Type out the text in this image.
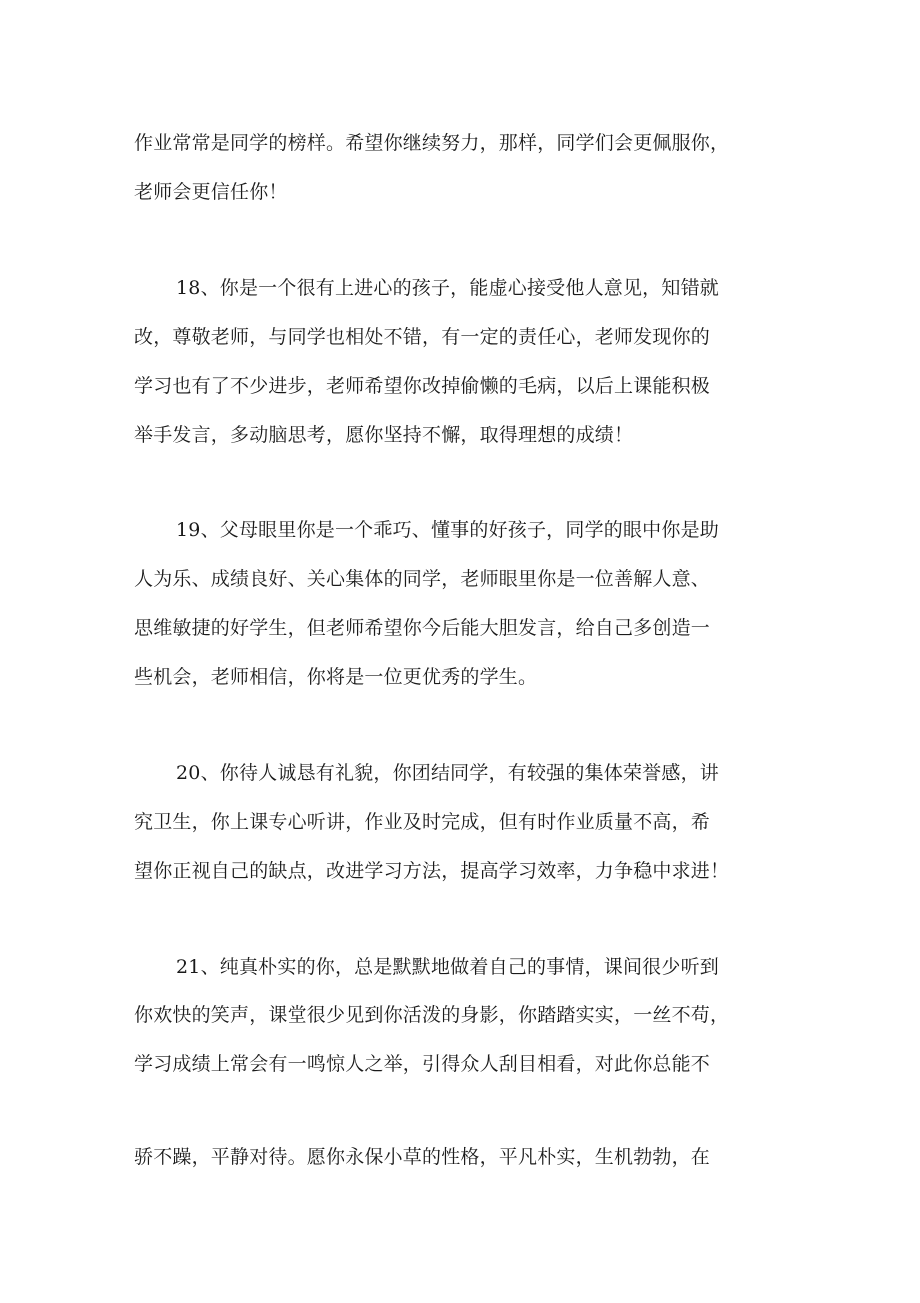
作业常常是同学的榜样。希望你继续努力，那样，同学们会更佩服你，
老师会更信任你！
18、你是一个很有上进心的孩子，能虚心接受他人意见，知错就
改，尊敬老师，与同学也相处不错，有一定的责任心，老师发现你的
学习也有了不少进步，老师希望你改掉偷懒的毛病，以后上课能积极
举手发言，多动脑思考，愿你坚持不懈，取得理想的成绩！
19、父母眼里你是一个乖巧、懂事的好孩子，同学的眼中你是助
人为乐、成绩良好、关心集体的同学，老师眼里你是一位善解人意、
思维敏捷的好学生，但老师希望你今后能大胆发言，给自己多创造一
些机会，老师相信，你将是一位更优秀的学生。
20、你待人诚恳有礼貌，你团结同学，有较强的集体荣誉感，讲
究卫生，你上课专心听讲，作业及时完成，但有时作业质量不高，希
望你正视自己的缺点，改进学习方法，提高学习效率，力争稳中求进！
21、纯真朴实的你，总是默默地做着自己的事情，课间很少听到
你欢快的笑声，课堂很少见到你活泼的身影，你踏踏实实，一丝不苟，
学习成绩上常会有一鸣惊人之举，引得众人刮目相看，对此你总能不
骄不躁，平静对待。愿你永保小草的性格，平凡朴实，生机勃勃，在
